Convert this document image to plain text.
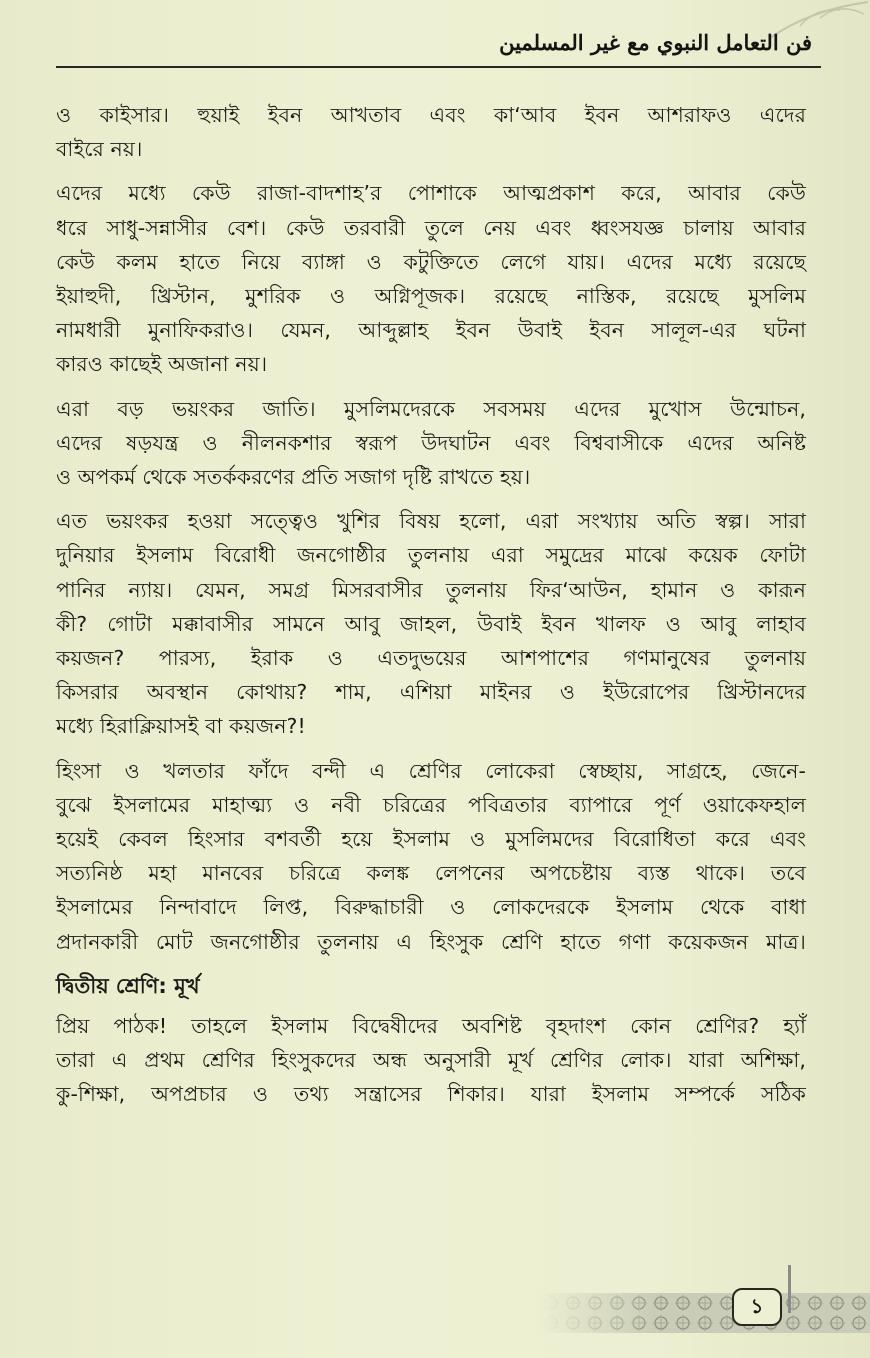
فن التعامل النبوي مع غير المسلمين

ও কাইসার। হুয়াই ইবন আখতাব এবং কা‘আব ইবন আশরাফও এদের
বাইরে নয়।

এদের মধ্যে কেউ রাজা-বাদশাহ’র পোশাকে আত্মপ্রকাশ করে, আবার কেউ
ধরে সাধু-সন্নাসীর বেশ। কেউ তরবারী তুলে নেয় এবং ধ্বংসযজ্ঞ চালায় আবার
কেউ কলম হাতে নিয়ে ব্যাঙ্গা ও কটুক্তিতে লেগে যায়। এদের মধ্যে রয়েছে
ইয়াহুদী, খ্রিস্টান, মুশরিক ও অগ্নিপূজক। রয়েছে নাস্তিক, রয়েছে মুসলিম
নামধারী মুনাফিকরাও। যেমন, আব্দুল্লাহ ইবন উবাই ইবন সালূল-এর ঘটনা
কারও কাছেই অজানা নয়।

এরা বড় ভয়ংকর জাতি। মুসলিমদেরকে সবসময় এদের মুখোস উন্মোচন,
এদের ষড়যন্ত্র ও নীলনকশার স্বরূপ উদঘাটন এবং বিশ্ববাসীকে এদের অনিষ্ট
ও অপকর্ম থেকে সতর্ককরণের প্রতি সজাগ দৃষ্টি রাখতে হয়।

এত ভয়ংকর হওয়া সত্ত্বেও খুশির বিষয় হলো, এরা সংখ্যায় অতি স্বল্প। সারা
দুনিয়ার ইসলাম বিরোধী জনগোষ্ঠীর তুলনায় এরা সমুদ্রের মাঝে কয়েক ফোটা
পানির ন্যায়। যেমন, সমগ্র মিসরবাসীর তুলনায় ফির‘আউন, হামান ও কারূন
কী? গোটা মক্কাবাসীর সামনে আবু জাহল, উবাই ইবন খালফ ও আবু লাহাব
কয়জন? পারস্য, ইরাক ও এতদুভয়ের আশপাশের গণমানুষের তুলনায়
কিসরার অবস্থান কোথায়? শাম, এশিয়া মাইনর ও ইউরোপের খ্রিস্টানদের
মধ্যে হিরাক্লিয়াসই বা কয়জন?!

হিংসা ও খলতার ফাঁদে বন্দী এ শ্রেণির লোকেরা স্বেচ্ছায়, সাগ্রহে, জেনে-
বুঝে ইসলামের মাহাত্ম্য ও নবী চরিত্রের পবিত্রতার ব্যাপারে পূর্ণ ওয়াকেফহাল
হয়েই কেবল হিংসার বশবর্তী হয়ে ইসলাম ও মুসলিমদের বিরোধিতা করে এবং
সত্যনিষ্ঠ মহা মানবের চরিত্রে কলঙ্ক লেপনের অপচেষ্টায় ব্যস্ত থাকে। তবে
ইসলামের নিন্দাবাদে লিপ্ত, বিরুদ্ধাচারী ও লোকদেরকে ইসলাম থেকে বাধা
প্রদানকারী মোট জনগোষ্ঠীর তুলনায় এ হিংসুক শ্রেণি হাতে গণা কয়েকজন মাত্র।

দ্বিতীয় শ্রেণি: মূর্খ

প্রিয় পাঠক! তাহলে ইসলাম বিদ্বেষীদের অবশিষ্ট বৃহদাংশ কোন শ্রেণির? হ্যাঁ
তারা এ প্রথম শ্রেণির হিংসুকদের অন্ধ অনুসারী মূর্খ শ্রেণির লোক। যারা অশিক্ষা,
কু-শিক্ষা, অপপ্রচার ও তথ্য সন্ত্রাসের শিকার। যারা ইসলাম সম্পর্কে সঠিক

১
